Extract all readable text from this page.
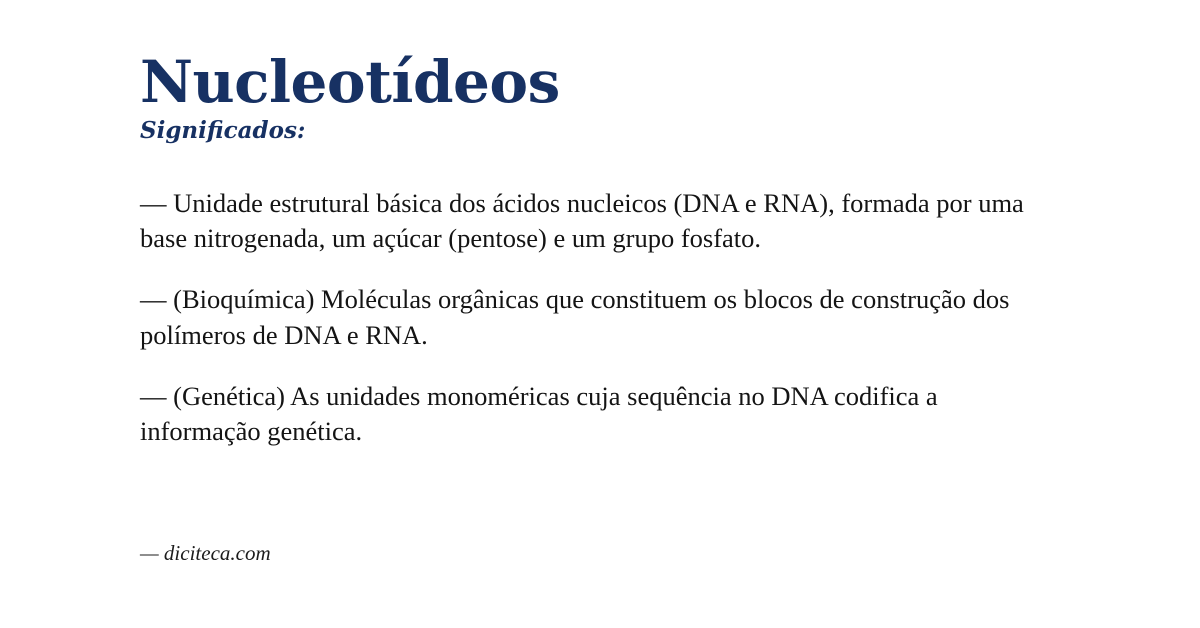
Nucleotídeos
Significados:

— Unidade estrutural básica dos ácidos nucleicos (DNA e RNA), formada por uma base nitrogenada, um açúcar (pentose) e um grupo fosfato.

— (Bioquímica) Moléculas orgânicas que constituem os blocos de construção dos polímeros de DNA e RNA.

— (Genética) As unidades monoméricas cuja sequência no DNA codifica a informação genética.

— diciteca.com
